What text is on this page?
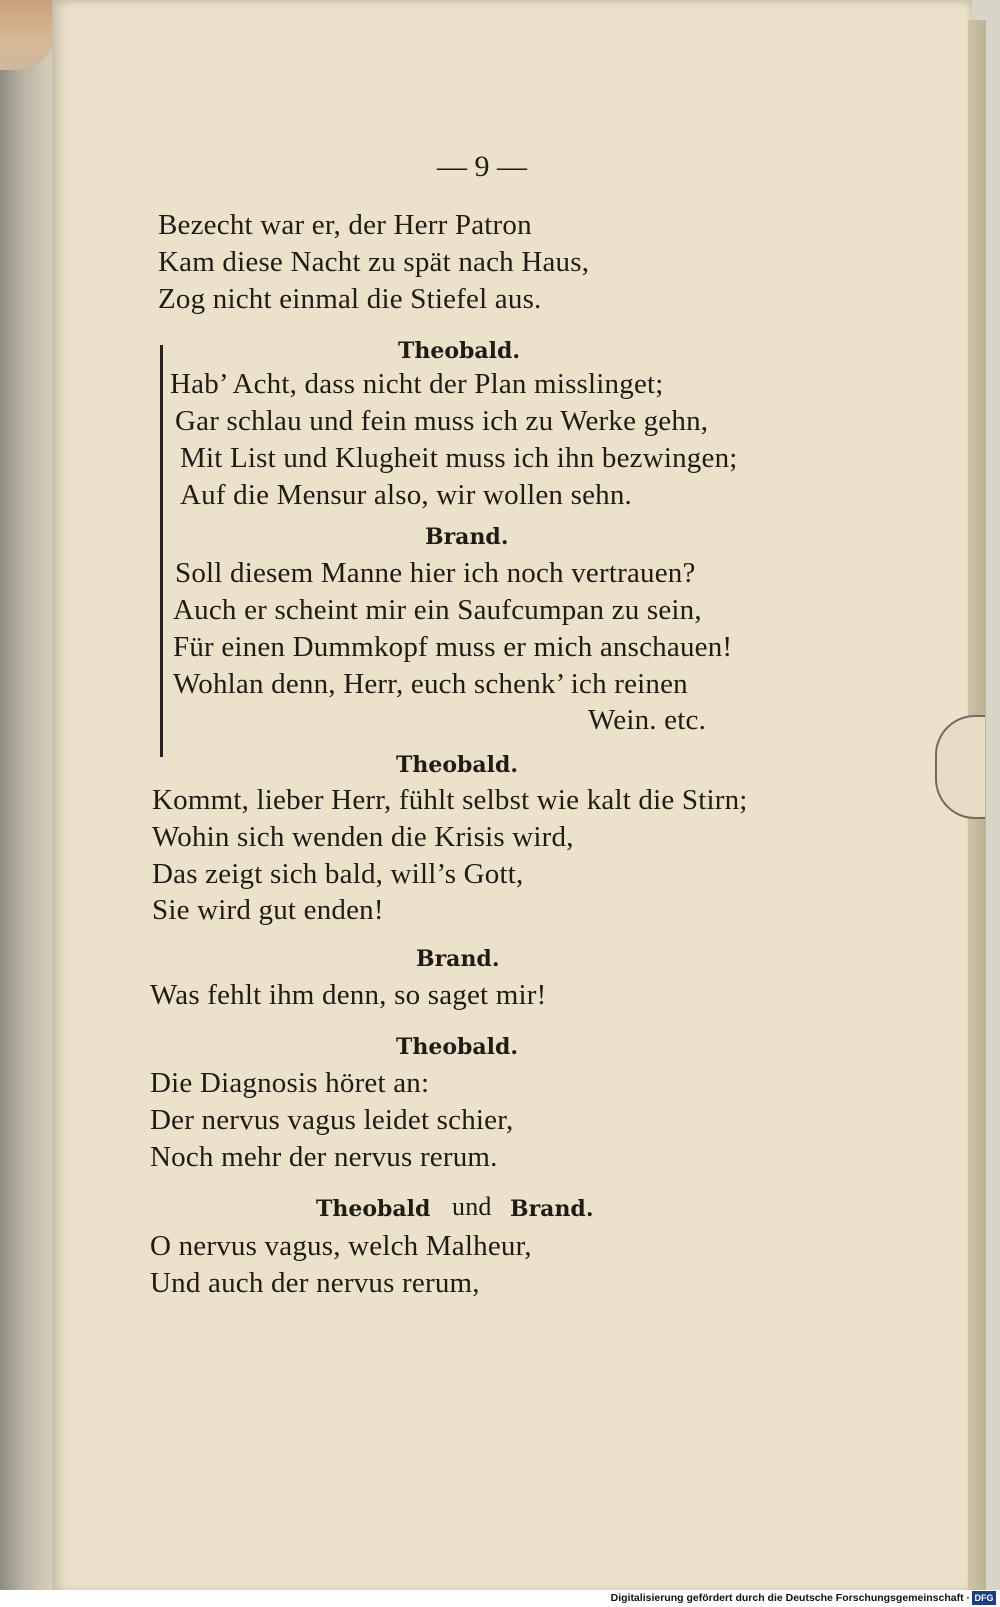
— 9 —
Bezecht war er, der Herr Patron
Kam diese Nacht zu spät nach Haus,
Zog nicht einmal die Stiefel aus.
Theobald.
Hab’ Acht, dass nicht der Plan misslinget;
Gar schlau und fein muss ich zu Werke gehn,
Mit List und Klugheit muss ich ihn bezwingen;
Auf die Mensur also, wir wollen sehn.
Brand.
Soll diesem Manne hier ich noch vertrauen?
Auch er scheint mir ein Saufcumpan zu sein,
Für einen Dummkopf muss er mich anschauen!
Wohlan denn, Herr, euch schenk’ ich reinen
Wein. etc.
Theobald.
Kommt, lieber Herr, fühlt selbst wie kalt die Stirn;
Wohin sich wenden die Krisis wird,
Das zeigt sich bald, will’s Gott,
Sie wird gut enden!
Brand.
Was fehlt ihm denn, so saget mir!
Theobald.
Die Diagnosis höret an:
Der nervus vagus leidet schier,
Noch mehr der nervus rerum.
Theobald und Brand.
O nervus vagus, welch Malheur,
Und auch der nervus rerum,
Digitalisierung gefördert durch die Deutsche Forschungsgemeinschaft · DFG
